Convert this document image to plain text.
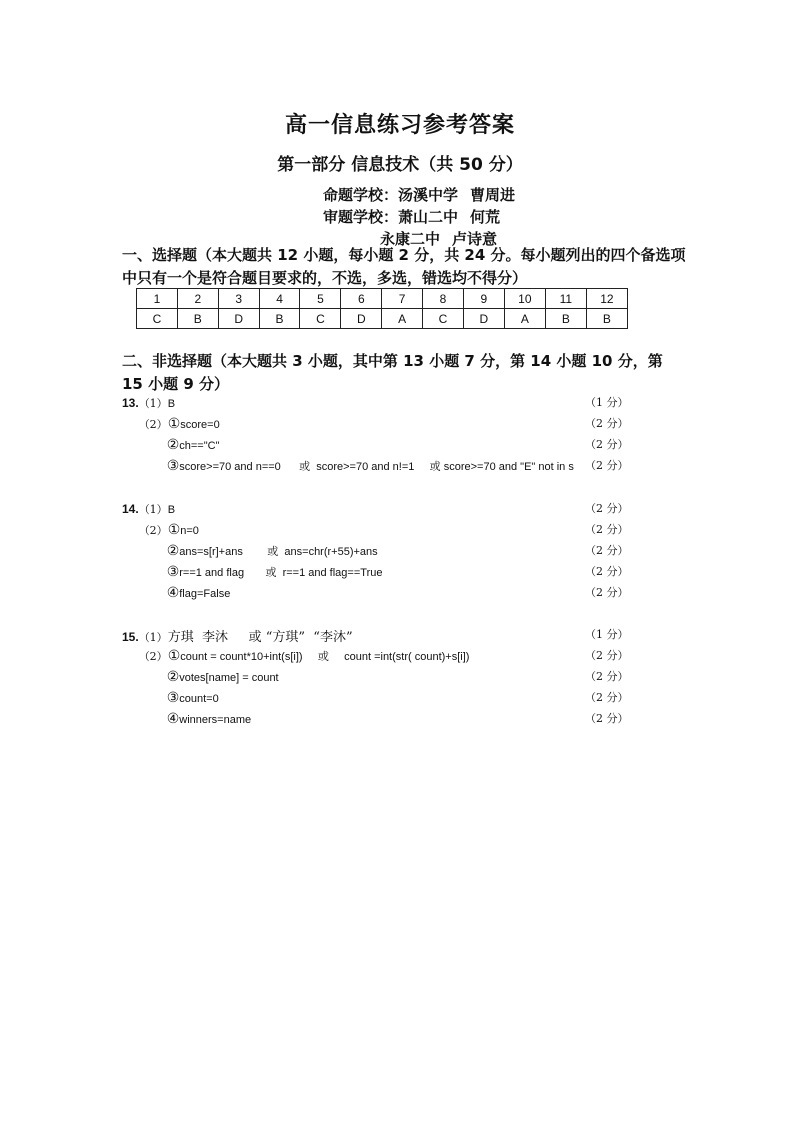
高一信息练习参考答案
第一部分 信息技术（共 50 分）
命题学校：汤溪中学 曹周进
审题学校：萧山二中 何荒
永康二中 卢诗意
一、选择题（本大题共 12 小题，每小题 2 分，共 24 分。每小题列出的四个备选项中只有一个是符合题目要求的，不选，多选，错选均不得分）
1	2	3	4	5	6	7	8	9	10	11	12
C	B	D	B	C	D	A	C	D	A	B	B
二、非选择题（本大题共 3 小题，其中第 13 小题 7 分，第 14 小题 10 分，第 15 小题 9 分）
13.（1）B	（1 分）
（2）①score=0	（2 分）
②ch=="C"	（2 分）
③score>=70 and n==0      或  score>=70 and n!=1     或 score>=70 and "E" not in s （2 分）
14.（1）B	（2 分）
（2）①n=0	（2 分）
②ans=s[r]+ans        或  ans=chr(r+55)+ans	（2 分）
③r==1 and flag       或  r==1 and flag==True	（2 分）
④flag=False	（2 分）
15.（1）方琪  李沐     或 “方琪”  “李沐”	（1 分）
（2）①count = count*10+int(s[i])     或     count =int(str( count)+s[i])	（2 分）
②votes[name] = count	（2 分）
③count=0	（2 分）
④winners=name	（2 分）
